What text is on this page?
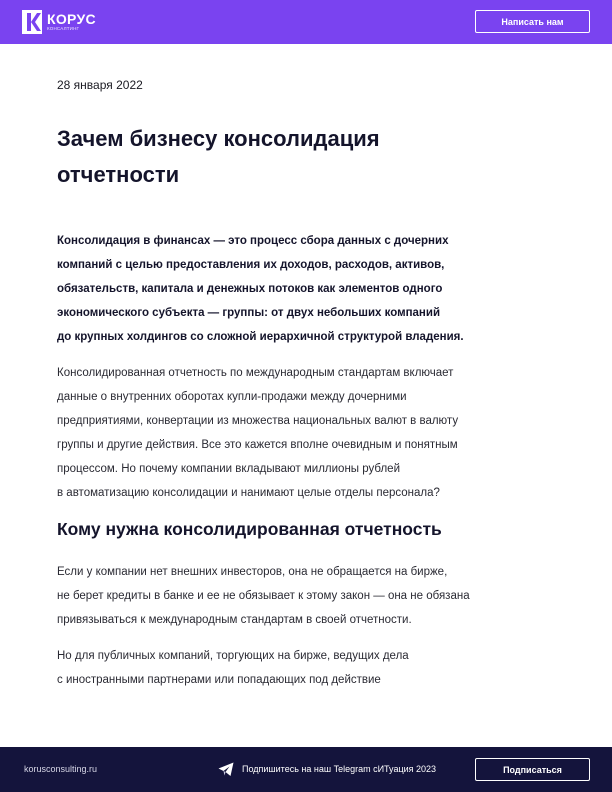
КОРУС
КОНСАЛТИНГ
Написать нам
28 января 2022
Зачем бизнесу консолидация
отчетности

Консолидация в финансах — это процесс сбора данных с дочерних
компаний с целью предоставления их доходов, расходов, активов,
обязательств, капитала и денежных потоков как элементов одного
экономического субъекта — группы: от двух небольших компаний
до крупных холдингов со сложной иерархичной структурой владения.

Консолидированная отчетность по международным стандартам включает
данные о внутренних оборотах купли-продажи между дочерними
предприятиями, конвертации из множества национальных валют в валюту
группы и другие действия. Все это кажется вполне очевидным и понятным
процессом. Но почему компании вкладывают миллионы рублей
в автоматизацию консолидации и нанимают целые отделы персонала?

Кому нужна консолидированная отчетность

Если у компании нет внешних инвесторов, она не обращается на бирже,
не берет кредиты в банке и ее не обязывает к этому закон — она не обязана
привязываться к международным стандартам в своей отчетности.

Но для публичных компаний, торгующих на бирже, ведущих дела
с иностранными партнерами или попадающих под действие

korusconsulting.ru	Подпишитесь на наш Telegram сИТуация 2023	Подписаться
